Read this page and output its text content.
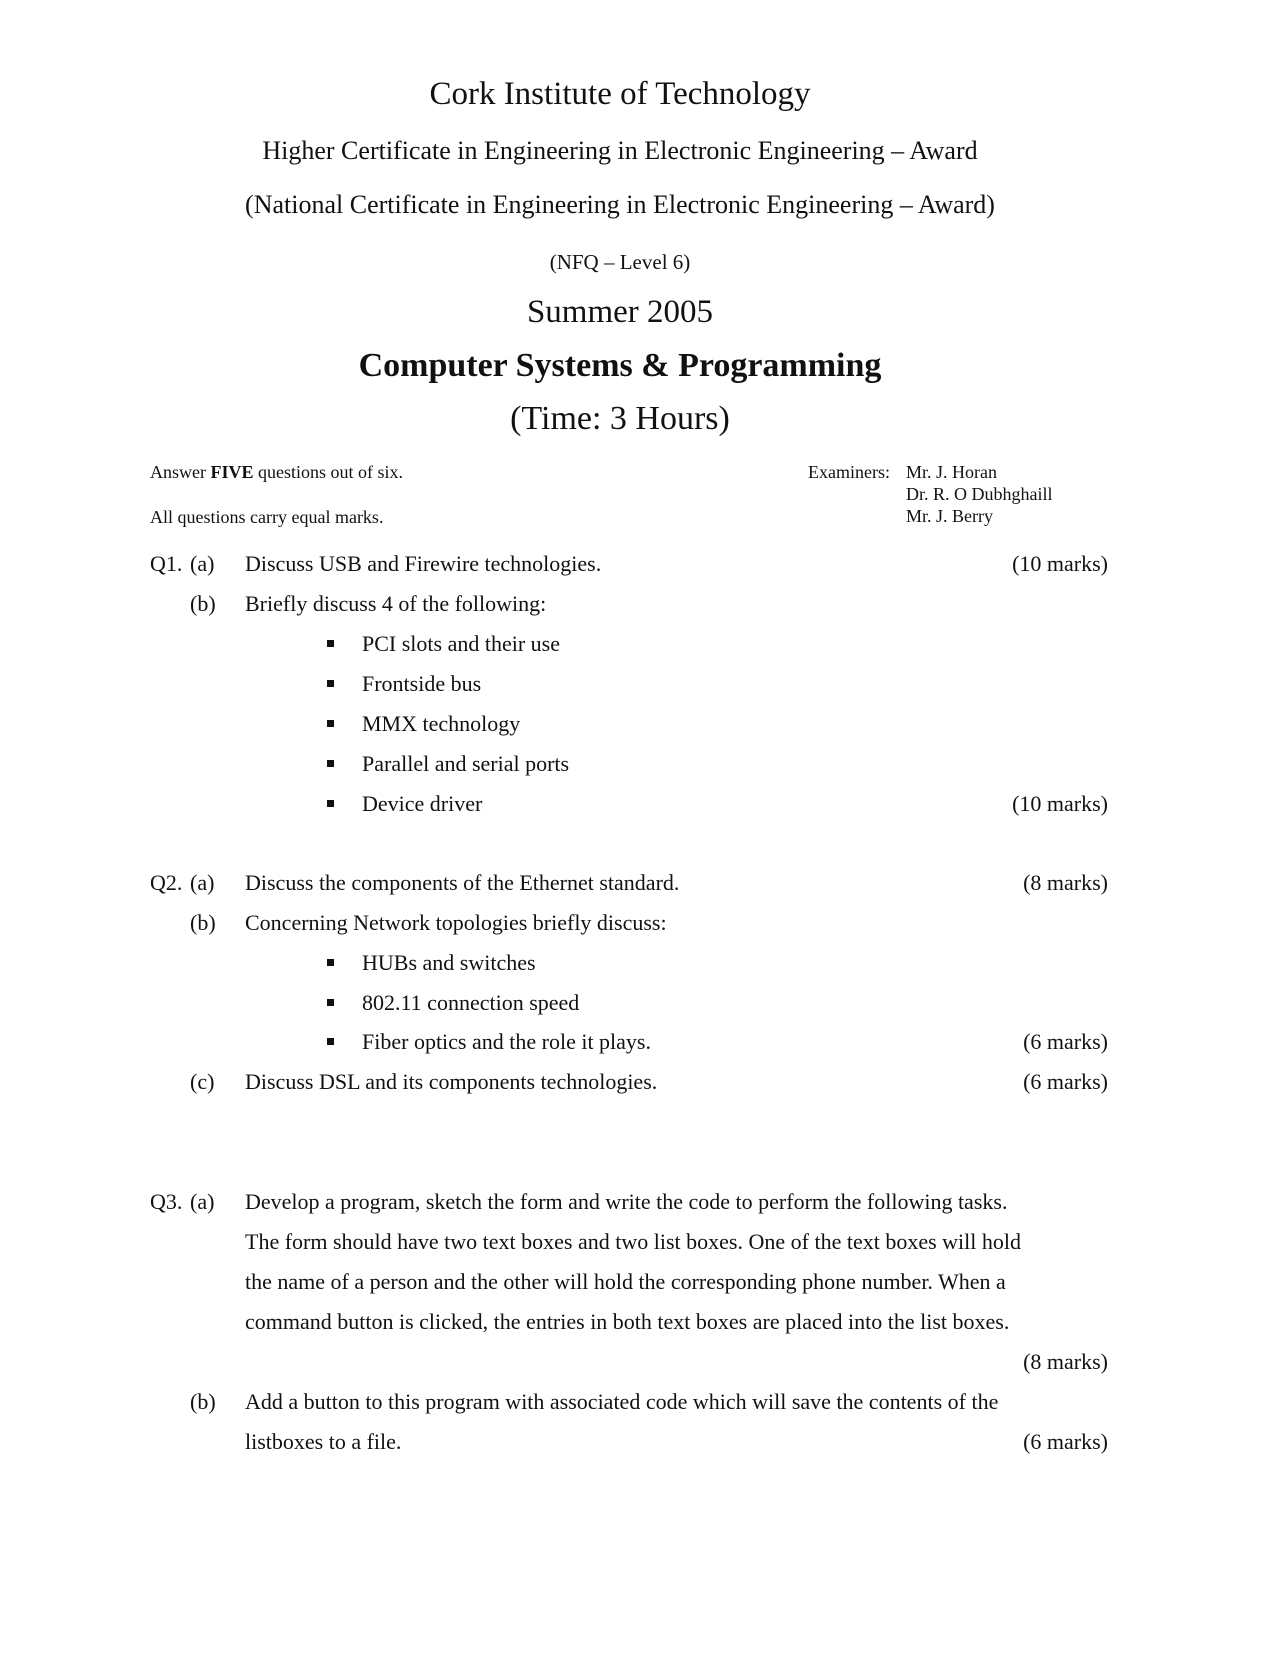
Cork Institute of Technology
Higher Certificate in Engineering in Electronic Engineering – Award
(National Certificate in Engineering in Electronic Engineering – Award)
(NFQ – Level 6)
Summer 2005
Computer Systems & Programming
(Time: 3 Hours)
Answer FIVE questions out of six.
All questions carry equal marks.
Examiners: Mr. J. Horan
Dr. R. O Dubhghaill
Mr. J. Berry
Q1. (a) Discuss USB and Firewire technologies.	(10 marks)
(b) Briefly discuss 4 of the following:
PCI slots and their use
Frontside bus
MMX technology
Parallel and serial ports
Device driver	(10 marks)
Q2. (a) Discuss the components of the Ethernet standard.	(8 marks)
(b) Concerning Network topologies briefly discuss:
HUBs and switches
802.11 connection speed
Fiber optics and the role it plays.	(6 marks)
(c) Discuss DSL and its components technologies.	(6 marks)
Q3. (a) Develop a program, sketch the form and write the code to perform the following tasks.
The form should have two text boxes and two list boxes. One of the text boxes will hold
the name of a person and the other will hold the corresponding phone number. When a
command button is clicked, the entries in both text boxes are placed into the list boxes.
(8 marks)
(b) Add a button to this program with associated code which will save the contents of the
listboxes to a file.	(6 marks)
